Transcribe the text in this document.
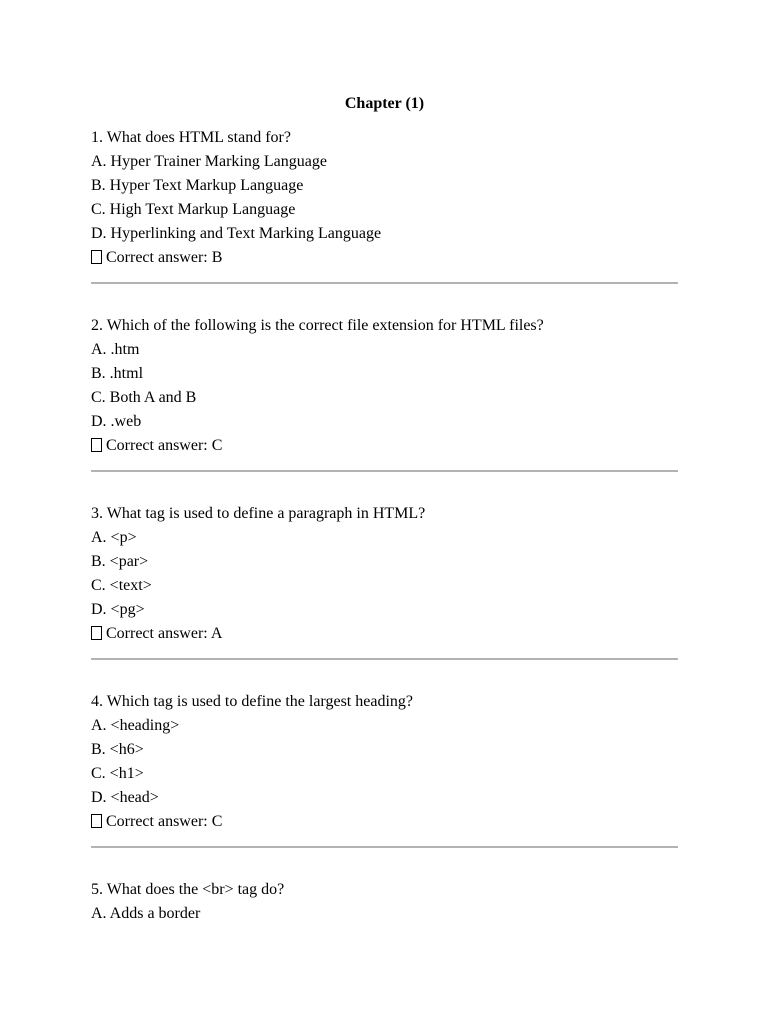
Chapter (1)
1. What does HTML stand for?
A. Hyper Trainer Marking Language
B. Hyper Text Markup Language
C. High Text Markup Language
D. Hyperlinking and Text Marking Language
Correct answer: B
2. Which of the following is the correct file extension for HTML files?
A. .htm
B. .html
C. Both A and B
D. .web
Correct answer: C
3. What tag is used to define a paragraph in HTML?
A. <p>
B. <par>
C. <text>
D. <pg>
Correct answer: A
4. Which tag is used to define the largest heading?
A. <heading>
B. <h6>
C. <h1>
D. <head>
Correct answer: C
5. What does the <br> tag do?
A. Adds a border
